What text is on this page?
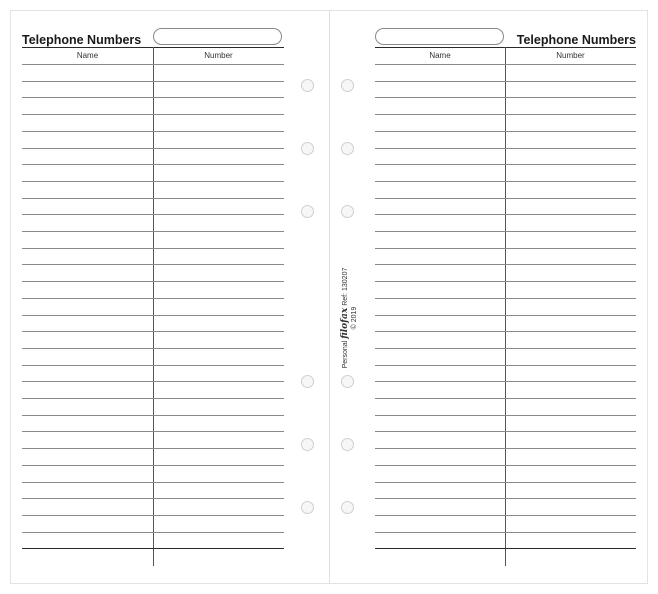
Telephone Numbers
Name	Number
Telephone Numbers
Name	Number
Personal filofax Ref: 130207
© 2019
